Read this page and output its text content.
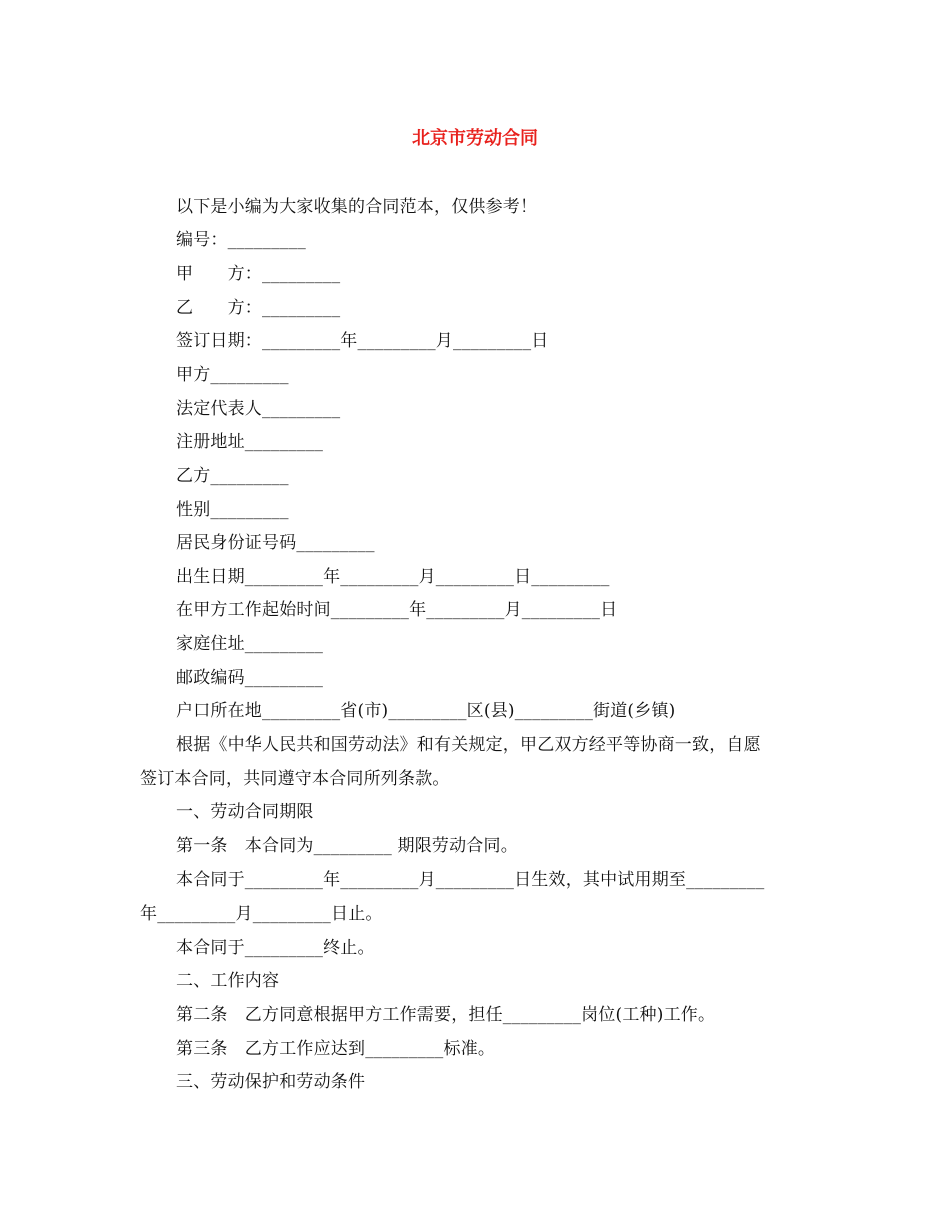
北京市劳动合同
以下是小编为大家收集的合同范本，仅供参考！
编号：_________
甲　　方：_________
乙　　方：_________
签订日期：_________年_________月_________日
甲方_________
法定代表人_________
注册地址_________
乙方_________
性别_________
居民身份证号码_________
出生日期_________年_________月_________日_________
在甲方工作起始时间_________年_________月_________日
家庭住址_________
邮政编码_________
户口所在地_________省(市)_________区(县)_________街道(乡镇)
根据《中华人民共和国劳动法》和有关规定，甲乙双方经平等协商一致，自愿
签订本合同，共同遵守本合同所列条款。
一、劳动合同期限
第一条　本合同为_________ 期限劳动合同。
本合同于_________年_________月_________日生效，其中试用期至_________
年_________月_________日止。
本合同于_________终止。
二、工作内容
第二条　乙方同意根据甲方工作需要，担任_________岗位(工种)工作。
第三条　乙方工作应达到_________标准。
三、劳动保护和劳动条件
